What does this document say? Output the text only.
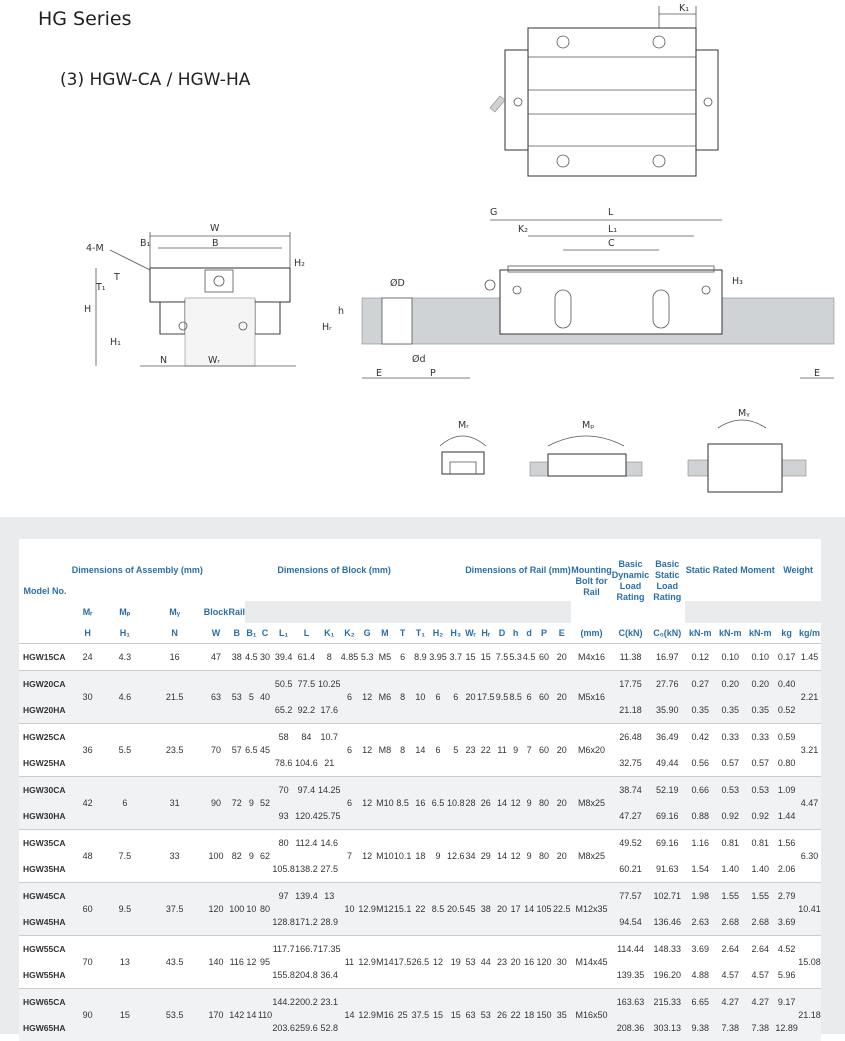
HG Series
(3) HGW-CA / HGW-HA
K₁
W
B
B₁
4-M
T₁
T
H₂
H
H₁
N	Wᵣ
L
G
K₂	L₁
C
H₃
ØD
h
Hᵣ
Ød
E	P	E
Mᵣ	Mₚ
Mᵧ
Model No.	Dimensions of Assembly (mm)			Dimensions of Block (mm)														Dimensions of Rail (mm)							Mounting Bolt for Rail	Basic Dynamic Load Rating	Basic Static Load Rating	Static Rated Moment			Weight	
	Mᵣ	Mₚ	Mᵧ	Block	Rail																											
	H	H₁	N	W	B	B₁	C	L₁	L	K₁	K₂	G	M	T	T₁	H₂	H₃	Wᵣ	Hᵣ	D	h	d	P	E	(mm)	C(kN)	C₀(kN)	kN-m	kN-m	kN-m	kg	kg/m
HGW15CA	24	4.3	16	47	38	4.5	30	39.4	61.4	8	4.85	5.3	M5	6	8.9	3.95	3.7	15	15	7.5	5.3	4.5	60	20	M4x16	11.38	16.97	0.12	0.10	0.10	0.17	1.45
HGW20CA	30	4.6	21.5	63	53	5	40	50.5	77.5	10.25	6	12	M6	8	10	6	6	20	17.5	9.5	8.5	6	60	20	M5x16	17.75	27.76	0.27	0.20	0.20	0.40	2.21
HGW20HA								65.2	92.2	17.6																21.18	35.90	0.35	0.35	0.35	0.52	
HGW25CA	36	5.5	23.5	70	57	6.5	45	58	84	10.7	6	12	M8	8	14	6	5	23	22	11	9	7	60	20	M6x20	26.48	36.49	0.42	0.33	0.33	0.59	3.21
HGW25HA								78.6	104.6	21																32.75	49.44	0.56	0.57	0.57	0.80	
HGW30CA	42	6	31	90	72	9	52	70	97.4	14.25	6	12	M10	8.5	16	6.5	10.8	28	26	14	12	9	80	20	M8x25	38.74	52.19	0.66	0.53	0.53	1.09	4.47
HGW30HA								93	120.4	25.75																47.27	69.16	0.88	0.92	0.92	1.44	
HGW35CA	48	7.5	33	100	82	9	62	80	112.4	14.6	7	12	M10	10.1	18	9	12.6	34	29	14	12	9	80	20	M8x25	49.52	69.16	1.16	0.81	0.81	1.56	6.30
HGW35HA								105.8	138.2	27.5																60.21	91.63	1.54	1.40	1.40	2.06	
HGW45CA	60	9.5	37.5	120	100	10	80	97	139.4	13	10	12.9	M12	15.1	22	8.5	20.5	45	38	20	17	14	105	22.5	M12x35	77.57	102.71	1.98	1.55	1.55	2.79	10.41
HGW45HA								128.8	171.2	28.9																94.54	136.46	2.63	2.68	2.68	3.69	
HGW55CA	70	13	43.5	140	116	12	95	117.7	166.7	17.35	11	12.9	M14	17.5	26.5	12	19	53	44	23	20	16	120	30	M14x45	114.44	148.33	3.69	2.64	2.64	4.52	15.08
HGW55HA								155.8	204.8	36.4																139.35	196.20	4.88	4.57	4.57	5.96	
HGW65CA	90	15	53.5	170	142	14	110	144.2	200.2	23.1	14	12.9	M16	25	37.5	15	15	63	53	26	22	18	150	35	M16x50	163.63	215.33	6.65	4.27	4.27	9.17	21.18
HGW65HA								203.6	259.6	52.8																208.36	303.13	9.38	7.38	7.38	12.89	
